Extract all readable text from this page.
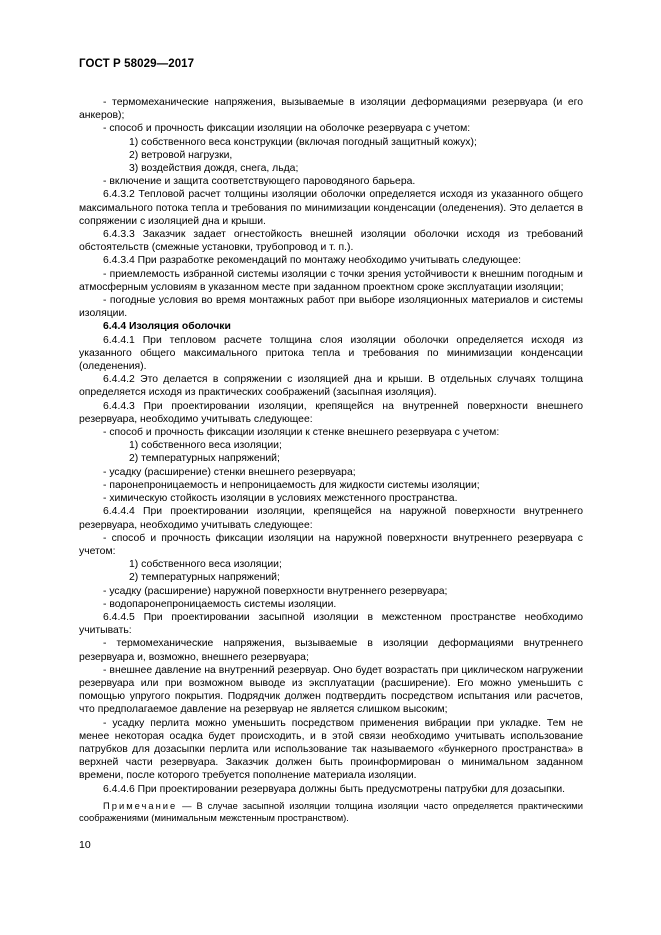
ГОСТ Р 58029—2017

- термомеханические напряжения, вызываемые в изоляции деформациями резервуара (и его анкеров);

- способ и прочность фиксации изоляции на оболочке резервуара с учетом:

1) собственного веса конструкции (включая погодный защитный кожух);

2) ветровой нагрузки,

3) воздействия дождя, снега, льда;

- включение и защита соответствующего пароводяного барьера.

6.4.3.2 Тепловой расчет толщины изоляции оболочки определяется исходя из указанного общего максимального потока тепла и требования по минимизации конденсации (оледенения). Это делается в сопряжении с изоляцией дна и крыши.

6.4.3.3 Заказчик задает огнестойкость внешней изоляции оболочки исходя из требований обстоятельств (смежные установки, трубопровод и т. п.).

6.4.3.4 При разработке рекомендаций по монтажу необходимо учитывать следующее:

- приемлемость избранной системы изоляции с точки зрения устойчивости к внешним погодным и атмосферным условиям в указанном месте при заданном проектном сроке эксплуатации изоляции;

- погодные условия во время монтажных работ при выборе изоляционных материалов и системы изоляции.

6.4.4 Изоляция оболочки

6.4.4.1 При тепловом расчете толщина слоя изоляции оболочки определяется исходя из указанного общего максимального притока тепла и требования по минимизации конденсации (оледенения).

6.4.4.2 Это делается в сопряжении с изоляцией дна и крыши. В отдельных случаях толщина определяется исходя из практических соображений (засыпная изоляция).

6.4.4.3 При проектировании изоляции, крепящейся на внутренней поверхности внешнего резервуара, необходимо учитывать следующее:

- способ и прочность фиксации изоляции к стенке внешнего резервуара с учетом:

1) собственного веса изоляции;

2) температурных напряжений;

- усадку (расширение) стенки внешнего резервуара;

- паронепроницаемость и непроницаемость для жидкости системы изоляции;

- химическую стойкость изоляции в условиях межстенного пространства.

6.4.4.4 При проектировании изоляции, крепящейся на наружной поверхности внутреннего резервуара, необходимо учитывать следующее:

- способ и прочность фиксации изоляции на наружной поверхности внутреннего резервуара с учетом:

1) собственного веса изоляции;

2) температурных напряжений;

- усадку (расширение) наружной поверхности внутреннего резервуара;

- водопаронепроницаемость системы изоляции.

6.4.4.5 При проектировании засыпной изоляции в межстенном пространстве необходимо учитывать:

- термомеханические напряжения, вызываемые в изоляции деформациями внутреннего резервуара и, возможно, внешнего резервуара;

- внешнее давление на внутренний резервуар. Оно будет возрастать при циклическом нагружении резервуара или при возможном выводе из эксплуатации (расширение). Его можно уменьшить с помощью упругого покрытия. Подрядчик должен подтвердить посредством испытания или расчетов, что предполагаемое давление на резервуар не является слишком высоким;

- усадку перлита можно уменьшить посредством применения вибрации при укладке. Тем не менее некоторая осадка будет происходить, и в этой связи необходимо учитывать использование патрубков для дозасыпки перлита или использование так называемого «бункерного пространства» в верхней части резервуара. Заказчик должен быть проинформирован о минимальном заданном времени, после которого требуется пополнение материала изоляции.

6.4.4.6 При проектировании резервуара должны быть предусмотрены патрубки для дозасыпки.

Примечание — В случае засыпной изоляции толщина изоляции часто определяется практическими соображениями (минимальным межстенным пространством).

10
